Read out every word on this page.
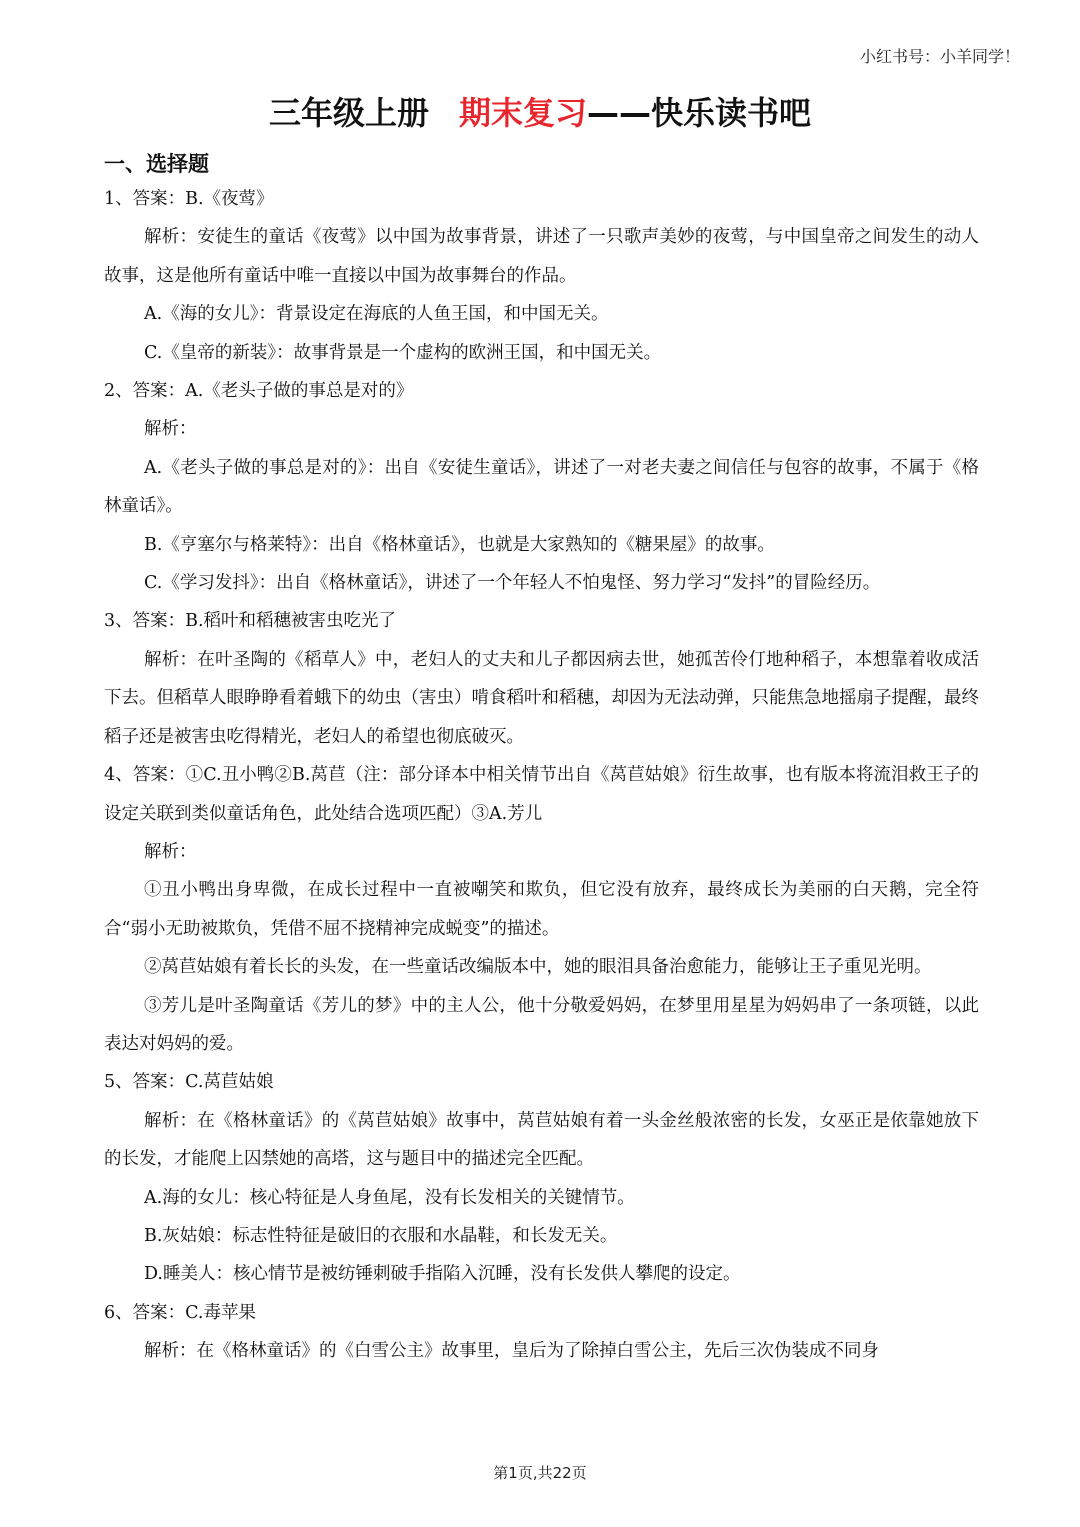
小红书号：小羊同学！
三年级上册 期末复习——快乐读书吧
一、选择题

1、答案：B.《夜莺》

解析：安徒生的童话《夜莺》以中国为故事背景，讲述了一只歌声美妙的夜莺，与中国皇帝之间发生的动人故事，这是他所有童话中唯一直接以中国为故事舞台的作品。

A.《海的女儿》：背景设定在海底的人鱼王国，和中国无关。

C.《皇帝的新装》：故事背景是一个虚构的欧洲王国，和中国无关。

2、答案：A.《老头子做的事总是对的》

解析：

A.《老头子做的事总是对的》：出自《安徒生童话》，讲述了一对老夫妻之间信任与包容的故事，不属于《格林童话》。

B.《亨塞尔与格莱特》：出自《格林童话》，也就是大家熟知的《糖果屋》的故事。

C.《学习发抖》：出自《格林童话》，讲述了一个年轻人不怕鬼怪、努力学习“发抖”的冒险经历。

3、答案：B.稻叶和稻穗被害虫吃光了

解析：在叶圣陶的《稻草人》中，老妇人的丈夫和儿子都因病去世，她孤苦伶仃地种稻子，本想靠着收成活下去。但稻草人眼睁睁看着蛾下的幼虫（害虫）啃食稻叶和稻穗，却因为无法动弹，只能焦急地摇扇子提醒，最终稻子还是被害虫吃得精光，老妇人的希望也彻底破灭。

4、答案：①C.丑小鸭②B.莴苣（注：部分译本中相关情节出自《莴苣姑娘》衍生故事，也有版本将流泪救王子的设定关联到类似童话角色，此处结合选项匹配）③A.芳儿

解析：

①丑小鸭出身卑微，在成长过程中一直被嘲笑和欺负，但它没有放弃，最终成长为美丽的白天鹅，完全符合“弱小无助被欺负，凭借不屈不挠精神完成蜕变”的描述。

②莴苣姑娘有着长长的头发，在一些童话改编版本中，她的眼泪具备治愈能力，能够让王子重见光明。

③芳儿是叶圣陶童话《芳儿的梦》中的主人公，他十分敬爱妈妈，在梦里用星星为妈妈串了一条项链，以此表达对妈妈的爱。

5、答案：C.莴苣姑娘

解析：在《格林童话》的《莴苣姑娘》故事中，莴苣姑娘有着一头金丝般浓密的长发，女巫正是依靠她放下的长发，才能爬上囚禁她的高塔，这与题目中的描述完全匹配。

A.海的女儿：核心特征是人身鱼尾，没有长发相关的关键情节。

B.灰姑娘：标志性特征是破旧的衣服和水晶鞋，和长发无关。

D.睡美人：核心情节是被纺锤刺破手指陷入沉睡，没有长发供人攀爬的设定。

6、答案：C.毒苹果

解析：在《格林童话》的《白雪公主》故事里，皇后为了除掉白雪公主，先后三次伪装成不同身

第1页,共22页
